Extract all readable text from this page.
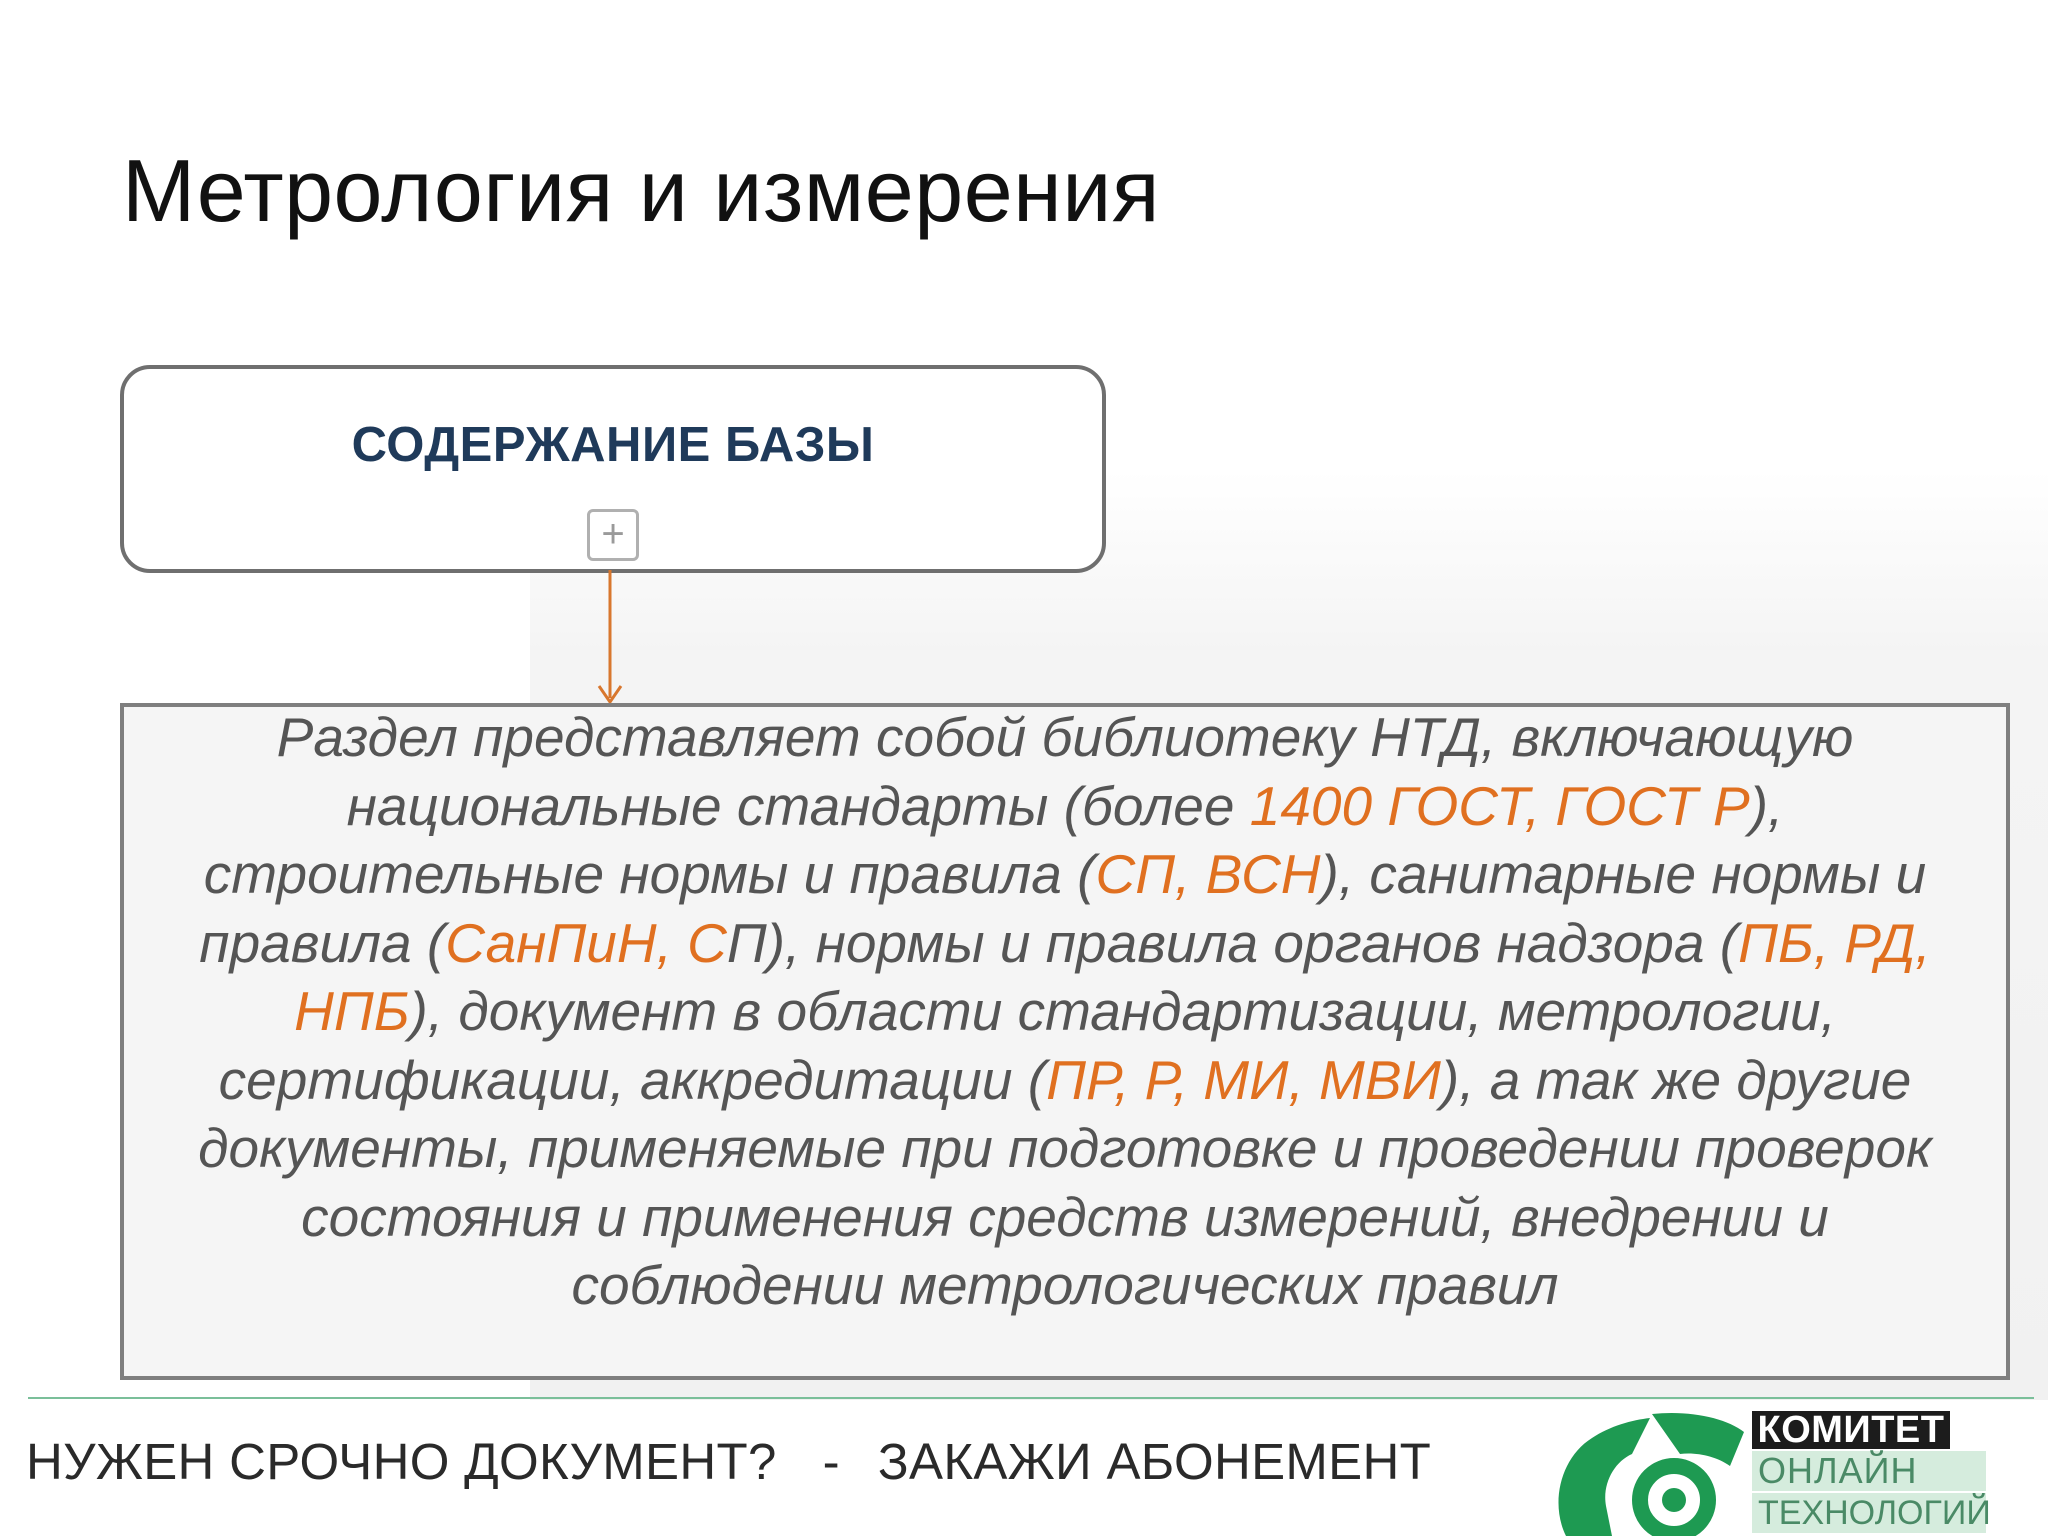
Метрология и измерения
СОДЕРЖАНИЕ БАЗЫ
+
Раздел представляет собой библиотеку НТД, включающую национальные стандарты (более 1400 ГОСТ, ГОСТ Р), строительные нормы и правила (СП, ВСН), санитарные нормы и правила (СанПиН, СП), нормы и правила органов надзора (ПБ, РД, НПБ), документ в области стандартизации, метрологии, сертификации, аккредитации (ПР, Р, МИ, МВИ), а так же другие документы, применяемые при подготовке и проведении проверок состояния и применения средств измерений, внедрении и соблюдении метрологических правил
НУЖЕН СРОЧНО ДОКУМЕНТ? - ЗАКАЖИ АБОНЕМЕНТ
КОМИТЕТ
ОНЛАЙН
ТЕХНОЛОГИЙ
